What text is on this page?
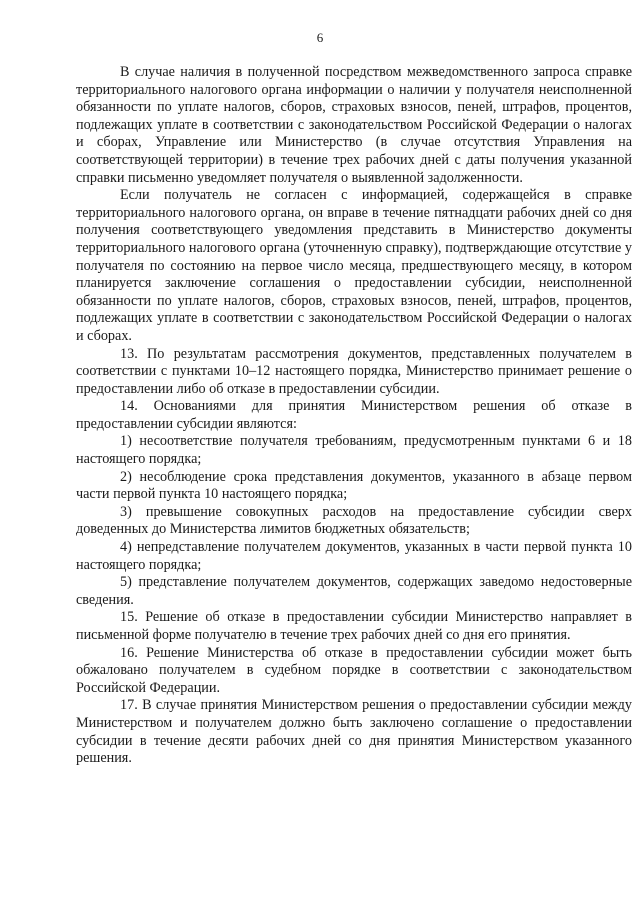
6

В случае наличия в полученной посредством межведомственного запроса справке территориального налогового органа информации о наличии у получателя неисполненной обязанности по уплате налогов, сборов, страховых взносов, пеней, штрафов, процентов, подлежащих уплате в соответствии с законодательством Российской Федерации о налогах и сборах, Управление или Министерство (в случае отсутствия Управления на соответствующей территории) в течение трех рабочих дней с даты получения указанной справки письменно уведомляет получателя о выявленной задолженности.

Если получатель не согласен с информацией, содержащейся в справке территориального налогового органа, он вправе в течение пятнадцати рабочих дней со дня получения соответствующего уведомления представить в Министерство документы территориального налогового органа (уточненную справку), подтверждающие отсутствие у получателя по состоянию на первое число месяца, предшествующего месяцу, в котором планируется заключение соглашения о предоставлении субсидии, неисполненной обязанности по уплате налогов, сборов, страховых взносов, пеней, штрафов, процентов, подлежащих уплате в соответствии с законодательством Российской Федерации о налогах и сборах.

13. По результатам рассмотрения документов, представленных получателем в соответствии с пунктами 10–12 настоящего порядка, Министерство принимает решение о предоставлении либо об отказе в предоставлении субсидии.

14. Основаниями для принятия Министерством решения об отказе в предоставлении субсидии являются:

1) несоответствие получателя требованиям, предусмотренным пунктами 6 и 18 настоящего порядка;

2) несоблюдение срока представления документов, указанного в абзаце первом части первой пункта 10 настоящего порядка;

3) превышение совокупных расходов на предоставление субсидии сверх доведенных до Министерства лимитов бюджетных обязательств;

4) непредставление получателем документов, указанных в части первой пункта 10 настоящего порядка;

5) представление получателем документов, содержащих заведомо недостоверные сведения.

15. Решение об отказе в предоставлении субсидии Министерство направляет в письменной форме получателю в течение трех рабочих дней со дня его принятия.

16. Решение Министерства об отказе в предоставлении субсидии может быть обжаловано получателем в судебном порядке в соответствии с законодательством Российской Федерации.

17. В случае принятия Министерством решения о предоставлении субсидии между Министерством и получателем должно быть заключено соглашение о предоставлении субсидии в течение десяти рабочих дней со дня принятия Министерством указанного решения.
